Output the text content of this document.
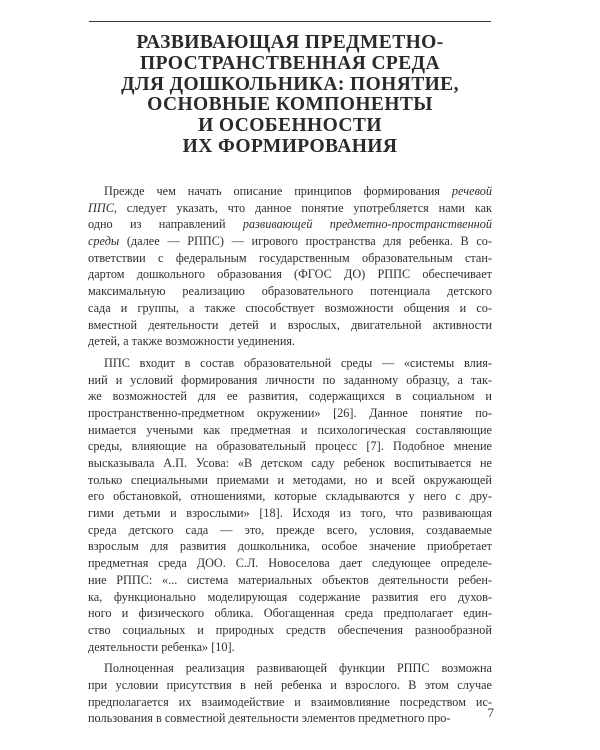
РАЗВИВАЮЩАЯ ПРЕДМЕТНО-
ПРОСТРАНСТВЕННАЯ СРЕДА
ДЛЯ ДОШКОЛЬНИКА: ПОНЯТИЕ,
ОСНОВНЫЕ КОМПОНЕНТЫ
И ОСОБЕННОСТИ
ИХ ФОРМИРОВАНИЯ
Прежде чем начать описание принципов формирования речевой
ППС, следует указать, что данное понятие употребляется нами как
одно из направлений развивающей предметно-пространственной
среды (далее — РППС) — игрового пространства для ребенка. В со-
ответствии с федеральным государственным образовательным стан-
дартом дошкольного образования (ФГОС ДО) РППС обеспечивает
максимальную реализацию образовательного потенциала детского
сада и группы, а также способствует возможности общения и со-
вместной деятельности детей и взрослых, двигательной активности
детей, а также возможности уединения.
ППС входит в состав образовательной среды — «системы влия-
ний и условий формирования личности по заданному образцу, а так-
же возможностей для ее развития, содержащихся в социальном и
пространственно-предметном окружении» [26]. Данное понятие по-
нимается учеными как предметная и психологическая составляющие
среды, влияющие на образовательный процесс [7]. Подобное мнение
высказывала А.П. Усова: «В детском саду ребенок воспитывается не
только специальными приемами и методами, но и всей окружающей
его обстановкой, отношениями, которые складываются у него с дру-
гими детьми и взрослыми» [18]. Исходя из того, что развивающая
среда детского сада — это, прежде всего, условия, создаваемые
взрослым для развития дошкольника, особое значение приобретает
предметная среда ДОО. С.Л. Новоселова дает следующее определе-
ние РППС: «... система материальных объектов деятельности ребен-
ка, функционально моделирующая содержание развития его духов-
ного и физического облика. Обогащенная среда предполагает един-
ство социальных и природных средств обеспечения разнообразной
деятельности ребенка» [10].
Полноценная реализация развивающей функции РППС возможна
при условии присутствия в ней ребенка и взрослого. В этом случае
предполагается их взаимодействие и взаимовлияние посредством ис-
пользования в совместной деятельности элементов предметного про-	7
